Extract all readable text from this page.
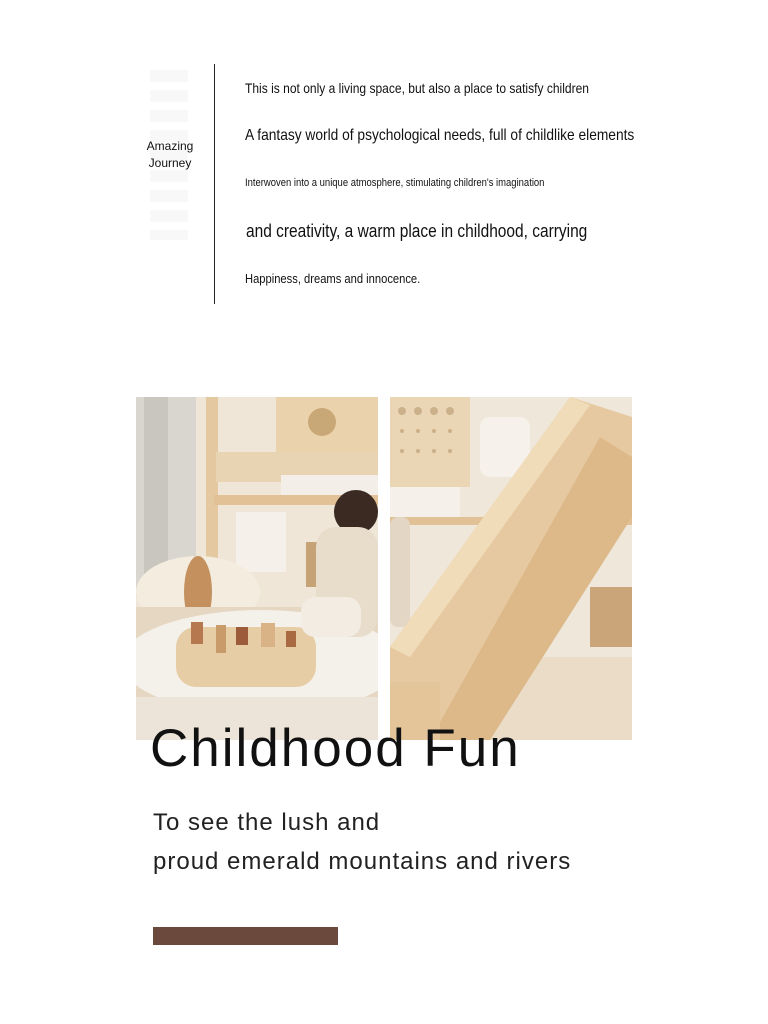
Amazing
Journey
This is not only a living space, but also a place to satisfy children
A fantasy world of psychological needs, full of childlike elements
Interwoven into a unique atmosphere, stimulating children's imagination
and creativity, a warm place in childhood, carrying
Happiness, dreams and innocence.
Childhood Fun
To see the lush and
proud emerald mountains and rivers
